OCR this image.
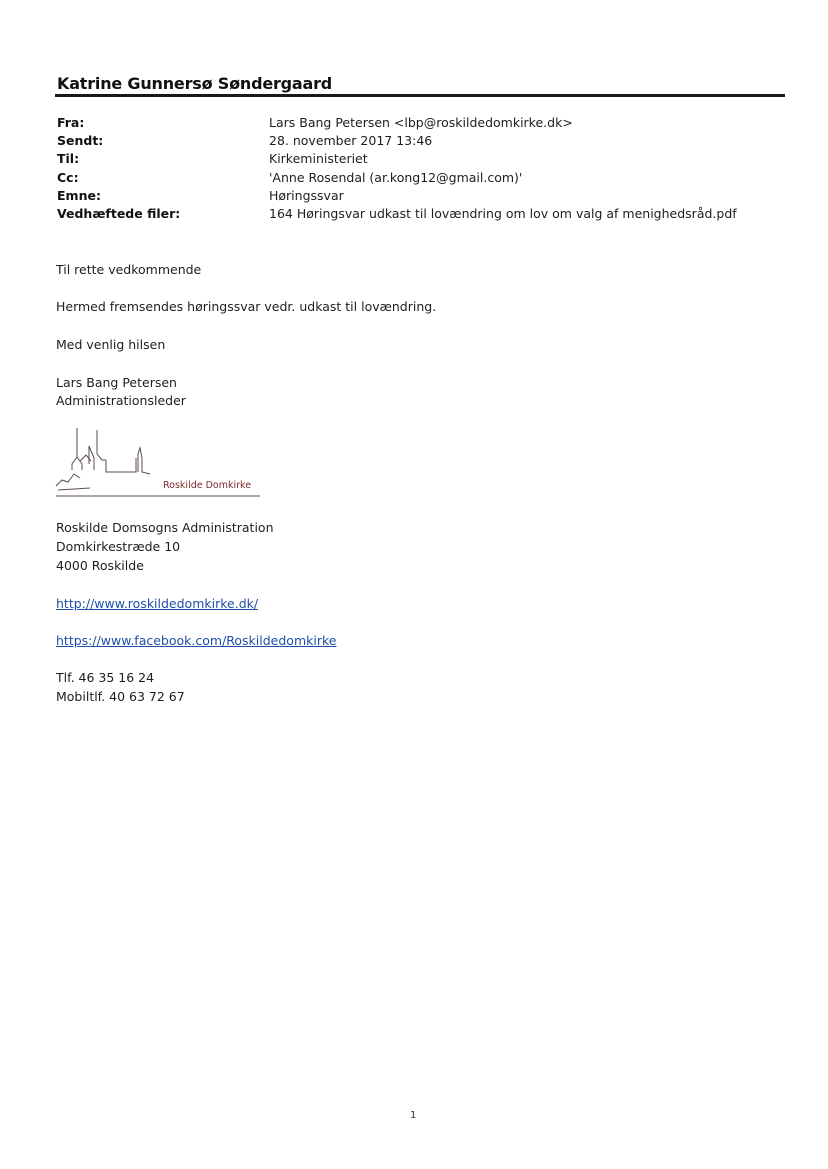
Katrine Gunnersø Søndergaard
Fra:	Lars Bang Petersen <lbp@roskildedomkirke.dk>
Sendt:	28. november 2017 13:46
Til:	Kirkeministeriet
Cc:	'Anne Rosendal (ar.kong12@gmail.com)'
Emne:	Høringssvar
Vedhæftede filer:	164 Høringsvar udkast til lovændring om lov om valg af menighedsråd.pdf
Til rette vedkommende
Hermed fremsendes høringssvar vedr. udkast til lovændring.
Med venlig hilsen
Lars Bang Petersen
Administrationsleder
Roskilde Domkirke
Roskilde Domsogns Administration
Domkirkestræde 10
4000 Roskilde
http://www.roskildedomkirke.dk/
https://www.facebook.com/Roskildedomkirke
Tlf. 46 35 16 24
Mobiltlf. 40 63 72 67
1
